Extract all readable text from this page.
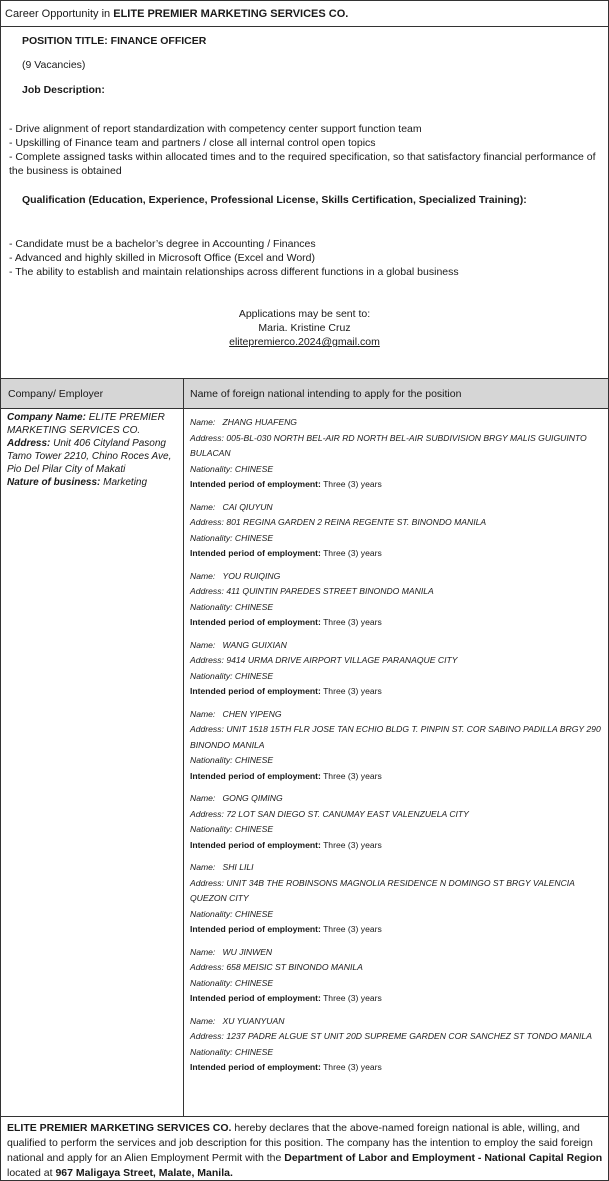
Career Opportunity in ELITE PREMIER MARKETING SERVICES CO.
POSITION TITLE: FINANCE OFFICER
(9 Vacancies)
Job Description:
- Drive alignment of report standardization with competency center support function team
- Upskilling of Finance team and partners / close all internal control open topics
- Complete assigned tasks within allocated times and to the required specification, so that satisfactory financial performance of the business is obtained
Qualification (Education, Experience, Professional License, Skills Certification, Specialized Training):
- Candidate must be a bachelor’s degree in Accounting / Finances
- Advanced and highly skilled in Microsoft Office (Excel and Word)
- The ability to establish and maintain relationships across different functions in a global business
Applications may be sent to:
Maria. Kristine Cruz
elitepremierco.2024@gmail.com
Company/ Employer	Name of foreign national intending to apply for the position
Company Name: ELITE PREMIER MARKETING SERVICES CO.
Address: Unit 406 Cityland Pasong Tamo Tower 2210, Chino Roces Ave, Pio Del Pilar City of Makati
Nature of business: Marketing
Name: ZHANG HUAFENG
Address: 005-BL-030 NORTH BEL-AIR RD NORTH BEL-AIR SUBDIVISION BRGY MALIS GUIGUINTO BULACAN
Nationality: CHINESE
Intended period of employment: Three (3) years
Name: CAI QIUYUN
Address: 801 REGINA GARDEN 2 REINA REGENTE ST. BINONDO MANILA
Nationality: CHINESE
Intended period of employment: Three (3) years
Name: YOU RUIQING
Address: 411 QUINTIN PAREDES STREET BINONDO MANILA
Nationality: CHINESE
Intended period of employment: Three (3) years
Name: WANG GUIXIAN
Address: 9414 URMA DRIVE AIRPORT VILLAGE PARANAQUE CITY
Nationality: CHINESE
Intended period of employment: Three (3) years
Name: CHEN YIPENG
Address: UNIT 1518 15TH FLR JOSE TAN ECHIO BLDG T. PINPIN ST. COR SABINO PADILLA BRGY 290 BINONDO MANILA
Nationality: CHINESE
Intended period of employment: Three (3) years
Name: GONG QIMING
Address: 72 LOT SAN DIEGO ST. CANUMAY EAST VALENZUELA CITY
Nationality: CHINESE
Intended period of employment: Three (3) years
Name: SHI LILI
Address: UNIT 34B THE ROBINSONS MAGNOLIA RESIDENCE N DOMINGO ST BRGY VALENCIA QUEZON CITY
Nationality: CHINESE
Intended period of employment: Three (3) years
Name: WU JINWEN
Address: 658 MEISIC ST BINONDO MANILA
Nationality: CHINESE
Intended period of employment: Three (3) years
Name: XU YUANYUAN
Address: 1237 PADRE ALGUE ST UNIT 20D SUPREME GARDEN COR SANCHEZ ST TONDO MANILA
Nationality: CHINESE
Intended period of employment: Three (3) years
ELITE PREMIER MARKETING SERVICES CO. hereby declares that the above-named foreign national is able, willing, and qualified to perform the services and job description for this position. The company has the intention to employ the said foreign national and apply for an Alien Employment Permit with the Department of Labor and Employment - National Capital Region located at 967 Maligaya Street, Malate, Manila.
